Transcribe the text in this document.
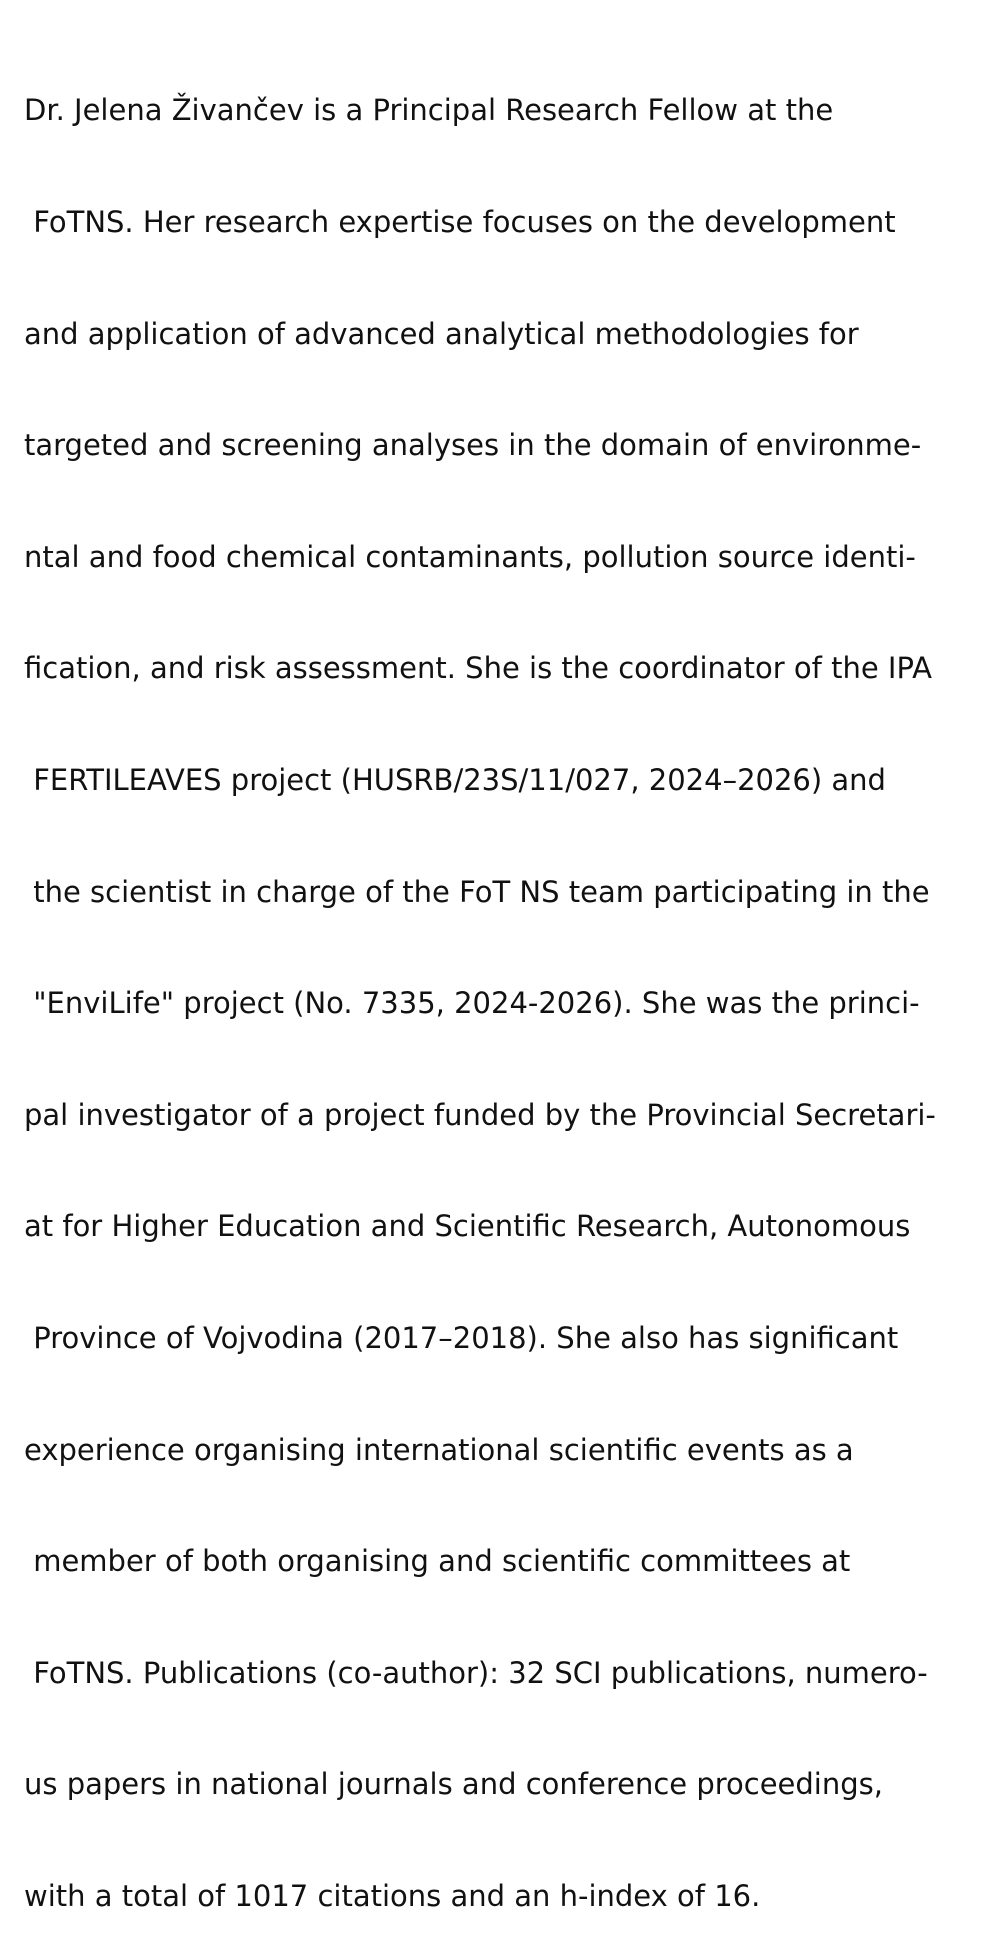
Dr. Jelena Živančev is a Principal Research Fellow at the

FoTNS. Her research expertise focuses on the development

and application of advanced analytical methodologies for

targeted and screening analyses in the domain of environme-

ntal and food chemical contaminants, pollution source identi-

fication, and risk assessment. She is the coordinator of the IPA

FERTILEAVES project (HUSRB/23S/11/027, 2024–2026) and

the scientist in charge of the FoT NS team participating in the

"EnviLife" project (No. 7335, 2024-2026). She was the princi-

pal investigator of a project funded by the Provincial Secretari-

at for Higher Education and Scientific Research, Autonomous

Province of Vojvodina (2017–2018). She also has significant

experience organising international scientific events as a

member of both organising and scientific committees at

FoTNS. Publications (co-author): 32 SCI publications, numero-

us papers in national journals and conference proceedings,

with a total of 1017 citations and an h-index of 16.
